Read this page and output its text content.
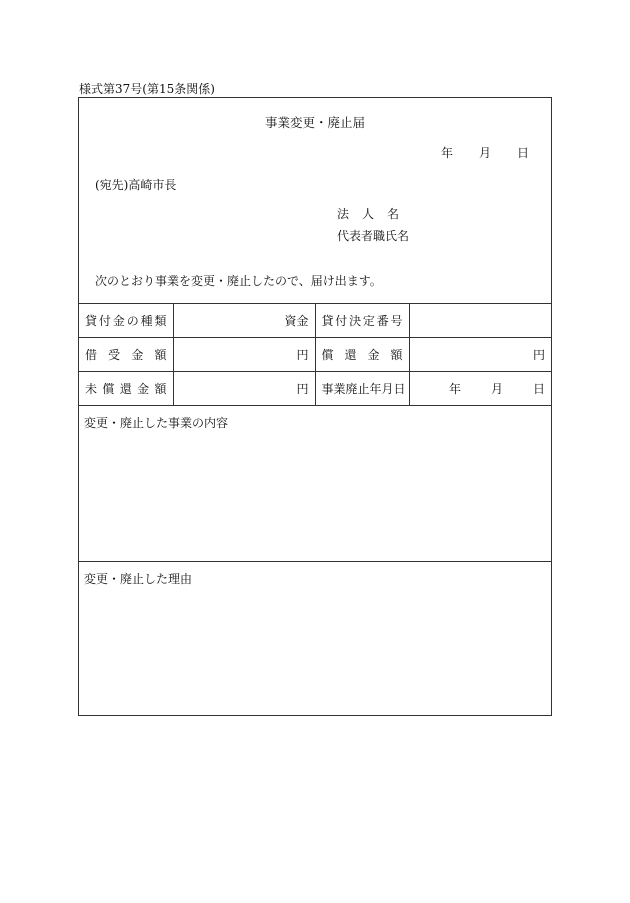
様式第37号(第15条関係)
事業変更・廃止届
年 月 日
(宛先)高崎市長
法人名
代表者職氏名
次のとおり事業を変更・廃止したので、届け出ます。
貸付金の種類	資金	貸付決定番号	
借受金額	円	償還金額	円
未償還金額	円	事業廃止年月日	年 月 日
変更・廃止した事業の内容
変更・廃止した理由
